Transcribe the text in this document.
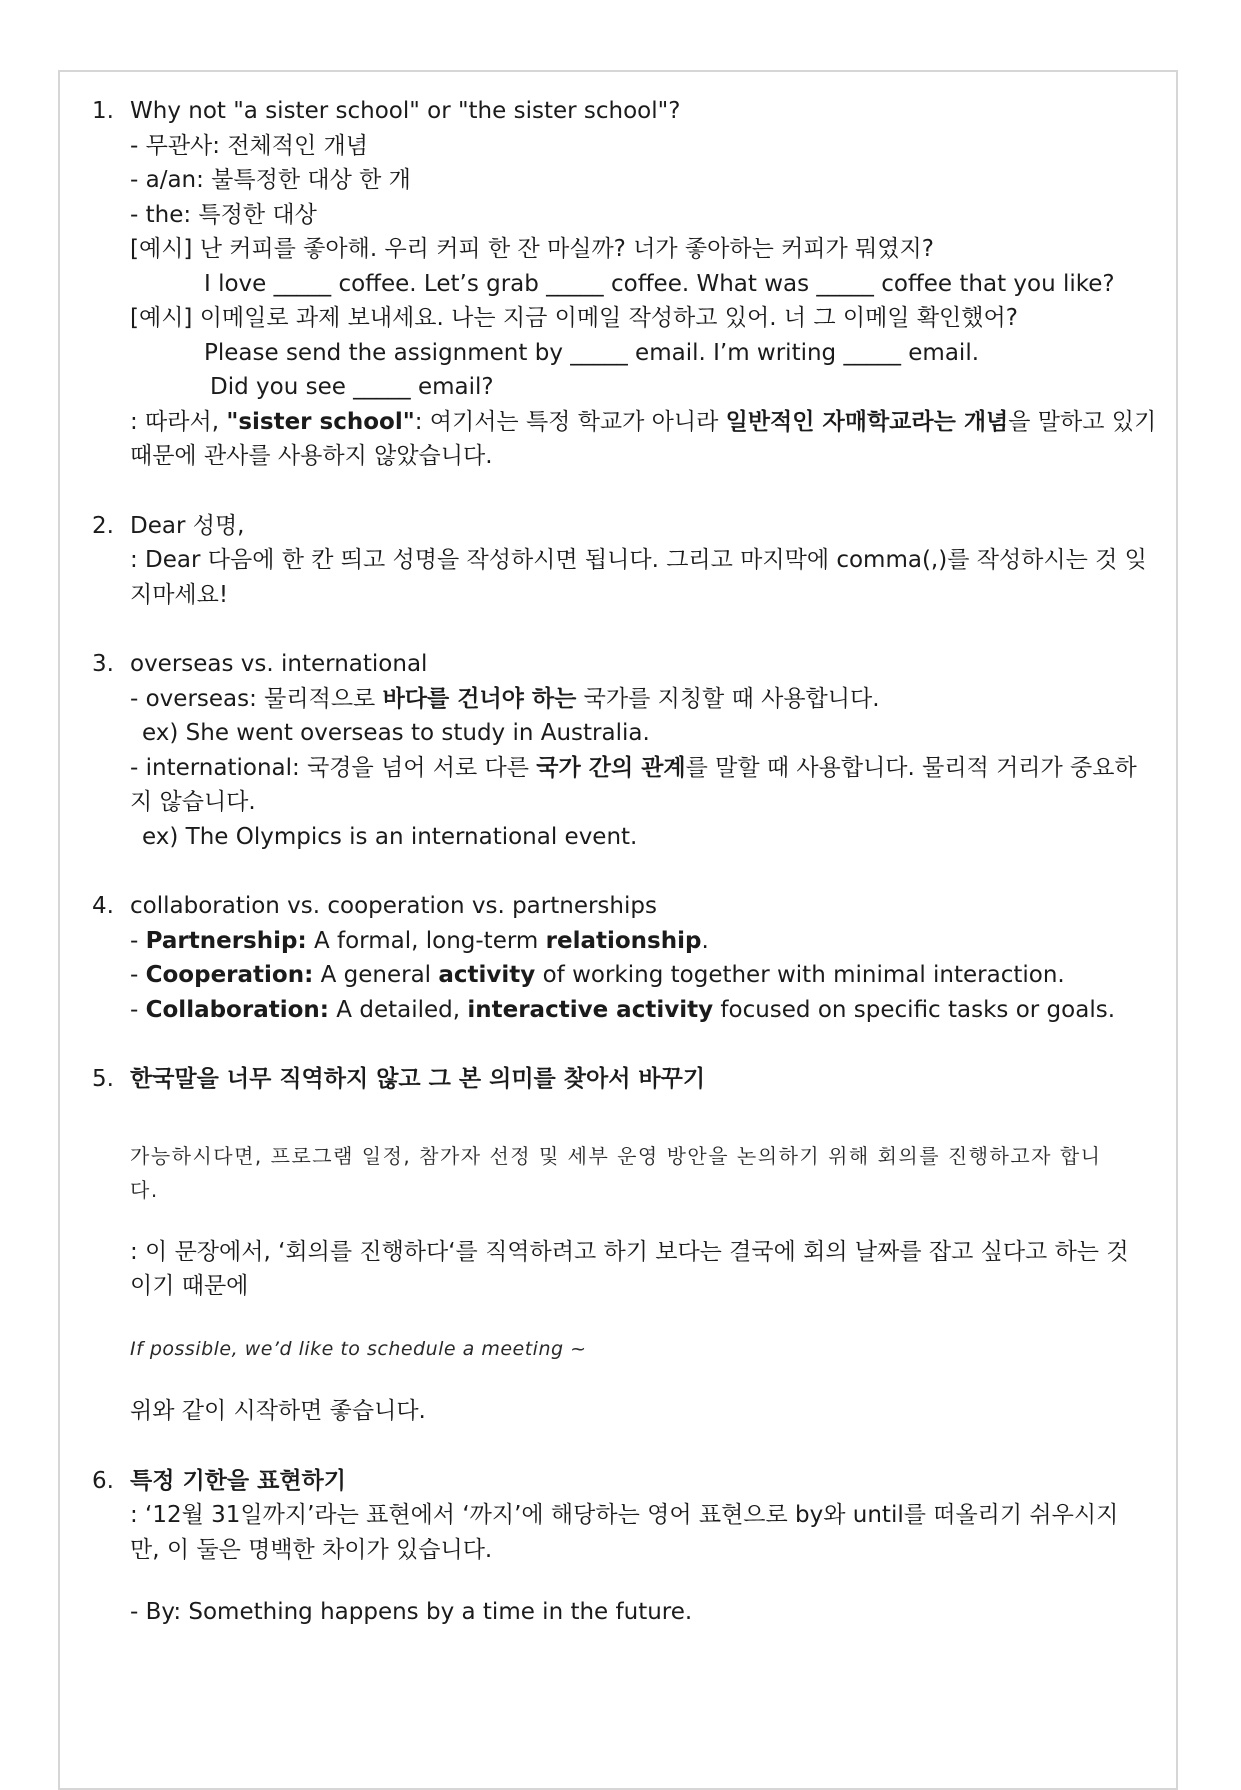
1. Why not "a sister school" or "the sister school"?
- 무관사: 전체적인 개념
- a/an: 불특정한 대상 한 개
- the: 특정한 대상
[예시] 난 커피를 좋아해. 우리 커피 한 잔 마실까? 너가 좋아하는 커피가 뭐였지?
I love _____ coffee. Let’s grab _____ coffee. What was _____ coffee that you like?
[예시] 이메일로 과제 보내세요. 나는 지금 이메일 작성하고 있어. 너 그 이메일 확인했어?
Please send the assignment by _____ email. I’m writing _____ email.
Did you see _____ email?
: 따라서, "sister school": 여기서는 특정 학교가 아니라 일반적인 자매학교라는 개념을 말하고 있기
때문에 관사를 사용하지 않았습니다.
2. Dear 성명,
: Dear 다음에 한 칸 띄고 성명을 작성하시면 됩니다. 그리고 마지막에 comma(,)를 작성하시는 것 잊
지마세요!
3. overseas vs. international
- overseas: 물리적으로 바다를 건너야 하는 국가를 지칭할 때 사용합니다.
ex) She went overseas to study in Australia.
- international: 국경을 넘어 서로 다른 국가 간의 관계를 말할 때 사용합니다. 물리적 거리가 중요하
지 않습니다.
ex) The Olympics is an international event.
4. collaboration vs. cooperation vs. partnerships
- Partnership: A formal, long-term relationship.
- Cooperation: A general activity of working together with minimal interaction.
- Collaboration: A detailed, interactive activity focused on specific tasks or goals.
5. 한국말을 너무 직역하지 않고 그 본 의미를 찾아서 바꾸기
가능하시다면, 프로그램 일정, 참가자 선정 및 세부 운영 방안을 논의하기 위해 회의를 진행하고자 합니
다.
: 이 문장에서, ‘회의를 진행하다‘를 직역하려고 하기 보다는 결국에 회의 날짜를 잡고 싶다고 하는 것
이기 때문에
If possible, we’d like to schedule a meeting ~
위와 같이 시작하면 좋습니다.
6. 특정 기한을 표현하기
: ‘12월 31일까지’라는 표현에서 ‘까지’에 해당하는 영어 표현으로 by와 until를 떠올리기 쉬우시지
만, 이 둘은 명백한 차이가 있습니다.
- By: Something happens by a time in the future.
